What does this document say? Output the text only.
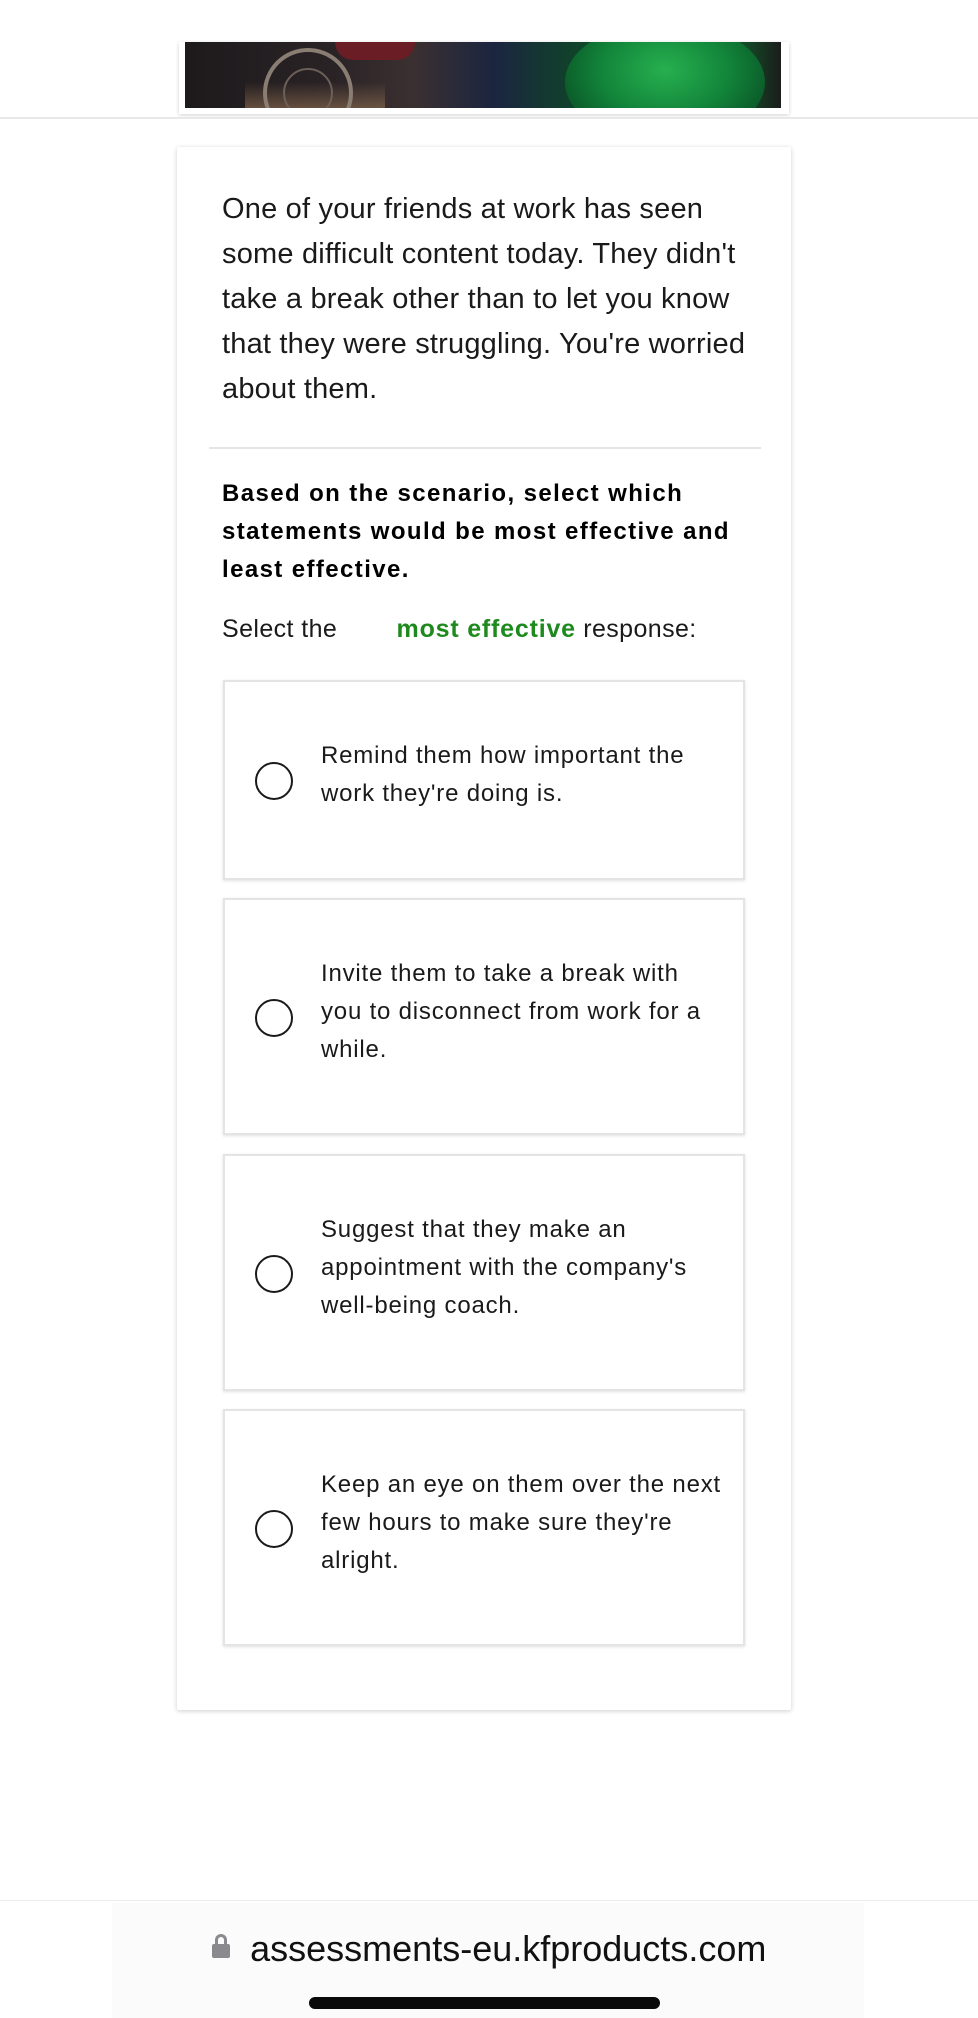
One of your friends at work has seen some difficult content today. They didn't take a break other than to let you know that they were struggling. You're worried about them.
Based on the scenario, select which statements would be most effective and least effective.
Select the most effective response:
Remind them how important the work they're doing is.
Invite them to take a break with you to disconnect from work for a while.
Suggest that they make an appointment with the company's well-being coach.
Keep an eye on them over the next few hours to make sure they're alright.
assessments-eu.kfproducts.com
